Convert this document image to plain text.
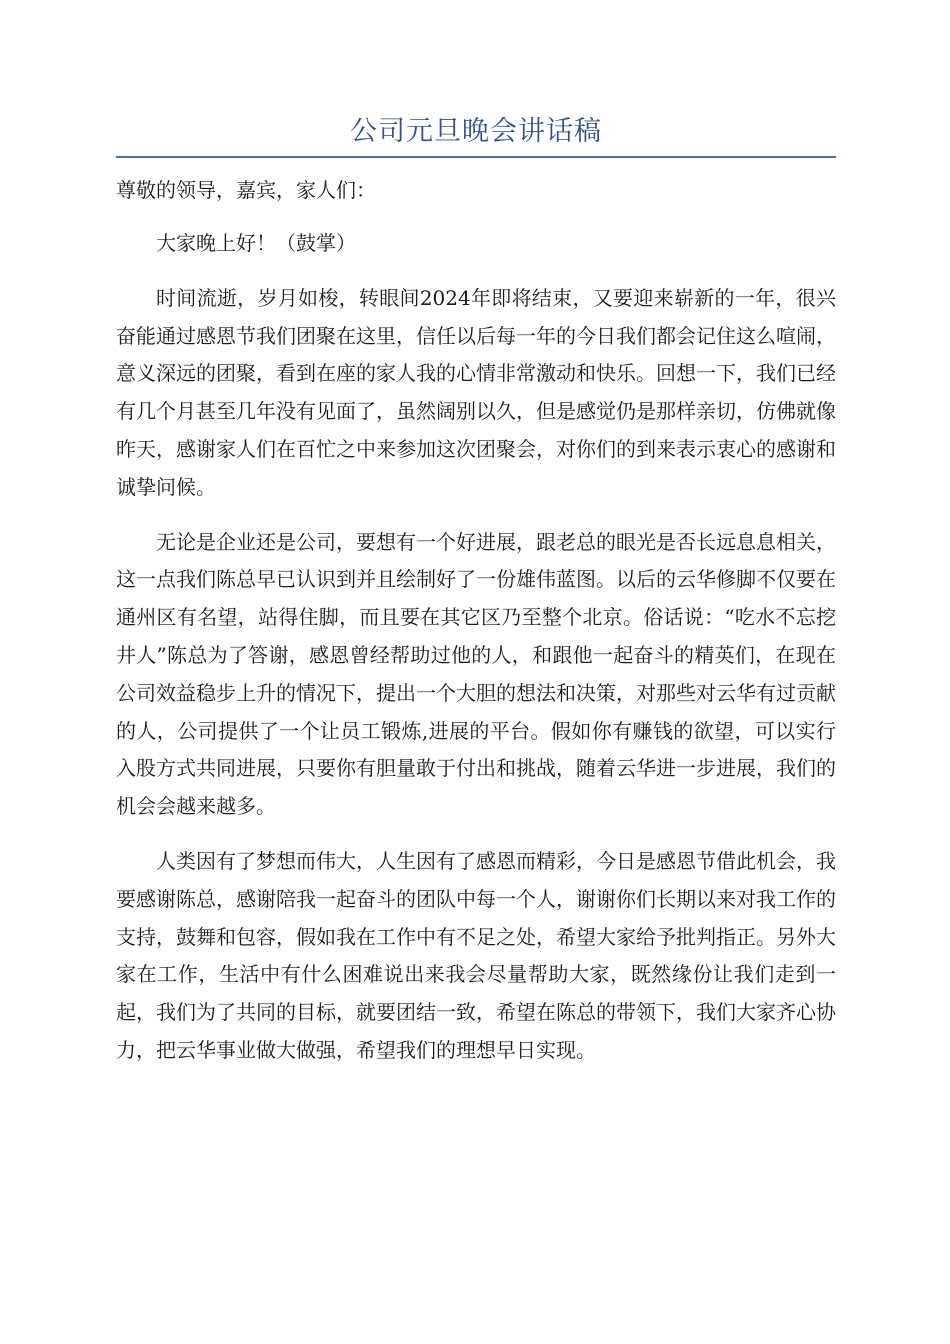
公司元旦晚会讲话稿

尊敬的领导，嘉宾，家人们：

大家晚上好！（鼓掌）

时间流逝，岁月如梭，转眼间2024年即将结束，又要迎来崭新的一年，很兴奋能通过感恩节我们团聚在这里，信任以后每一年的今日我们都会记住这么喧闹，意义深远的团聚，看到在座的家人我的心情非常激动和快乐。回想一下，我们已经有几个月甚至几年没有见面了，虽然阔别以久，但是感觉仍是那样亲切，仿佛就像昨天，感谢家人们在百忙之中来参加这次团聚会，对你们的到来表示衷心的感谢和诚挚问候。

无论是企业还是公司，要想有一个好进展，跟老总的眼光是否长远息息相关，这一点我们陈总早已认识到并且绘制好了一份雄伟蓝图。以后的云华修脚不仅要在通州区有名望，站得住脚，而且要在其它区乃至整个北京。俗话说：“吃水不忘挖井人”陈总为了答谢，感恩曾经帮助过他的人，和跟他一起奋斗的精英们，在现在公司效益稳步上升的情况下，提出一个大胆的想法和决策，对那些对云华有过贡献的人，公司提供了一个让员工锻炼,进展的平台。假如你有赚钱的欲望，可以实行入股方式共同进展，只要你有胆量敢于付出和挑战，随着云华进一步进展，我们的机会会越来越多。

人类因有了梦想而伟大，人生因有了感恩而精彩，今日是感恩节借此机会，我要感谢陈总，感谢陪我一起奋斗的团队中每一个人，谢谢你们长期以来对我工作的支持，鼓舞和包容，假如我在工作中有不足之处，希望大家给予批判指正。另外大家在工作，生活中有什么困难说出来我会尽量帮助大家，既然缘份让我们走到一起，我们为了共同的目标，就要团结一致，希望在陈总的带领下，我们大家齐心协力，把云华事业做大做强，希望我们的理想早日实现。
